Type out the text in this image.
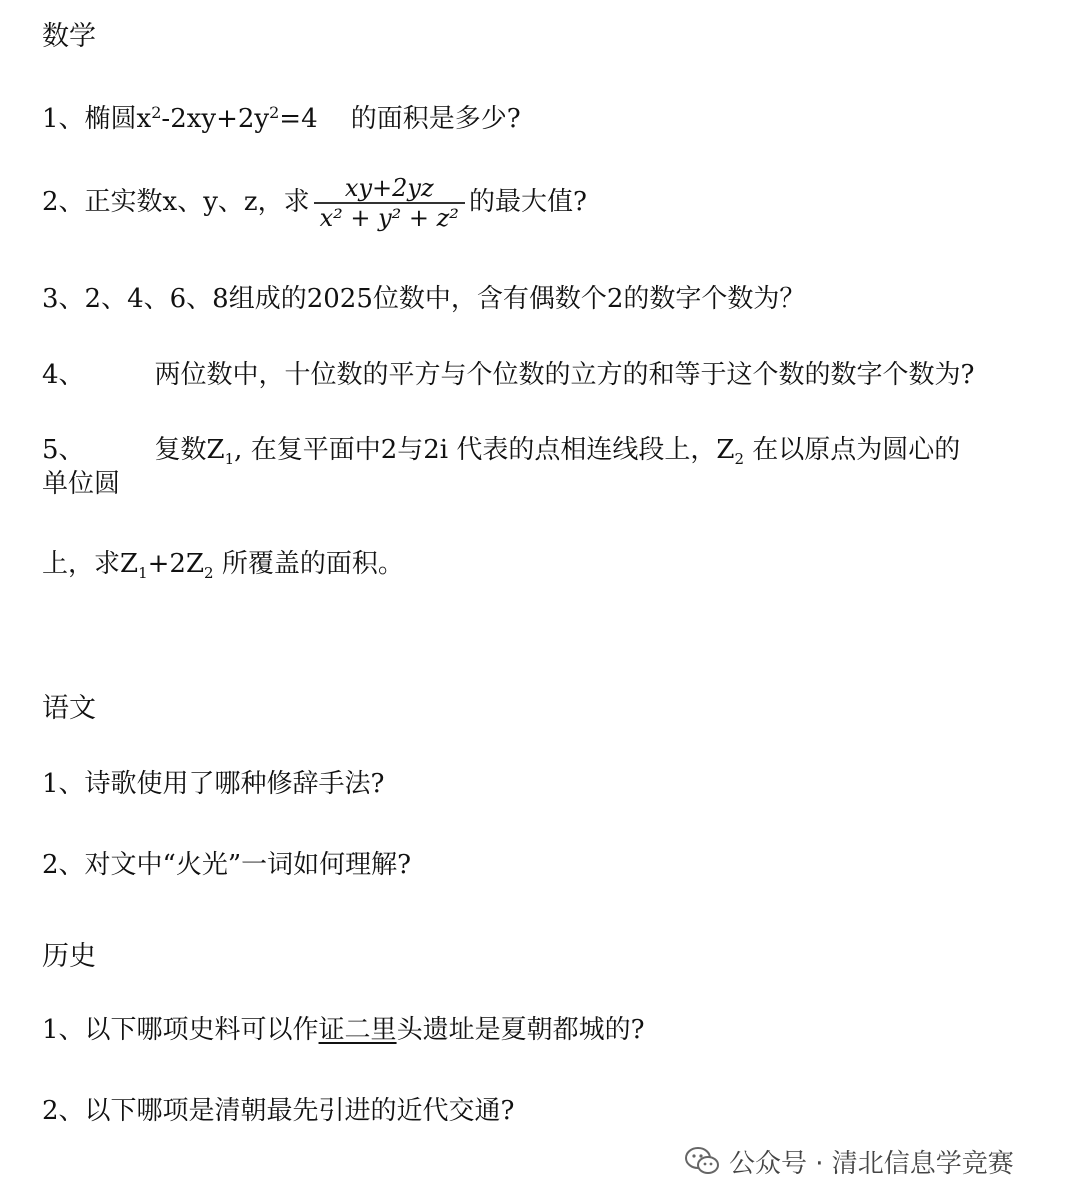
数学
1、椭圆$x^2-2xy+2y^2=4$ 的面积是多少?
2、正实数x、y、z，求 $\frac{xy+2yz}{\text{x² + y² + z²}}$ 的最大值?
3、2、4、6、8组成的2025位数中，含有偶数个2的数字个数为？
4、	两位数中，十位数的平方与个位数的立方的和等于这个数的数字个数为?
5、	复数$Z_1$, 在复平面中2与2i 代表的点相连线段上，$Z_2$ 在以原点为圆心的
单位圆
上，求$Z_1+2Z_2$ 所覆盖的面积。
语文
1、诗歌使用了哪种修辞手法?
2、对文中“火光”一词如何理解?
历史
1、以下哪项史料可以作证二里头遗址是夏朝都城的?
2、以下哪项是清朝最先引进的近代交通?
公众号 · 清北信息学竞赛
